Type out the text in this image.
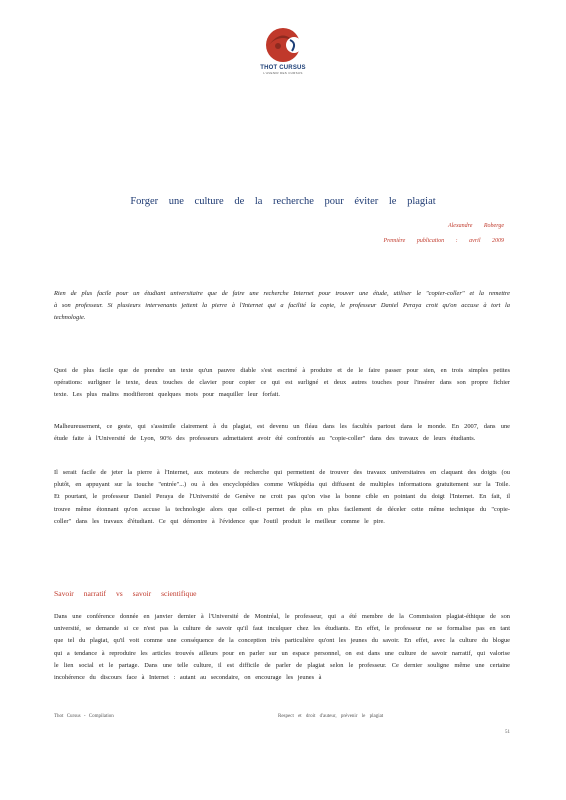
THOT CURSUS
L'AVENIR DES CURSUS
Forger une culture de la recherche pour éviter le plagiat
Alexandre Roberge
Première publication : avril 2009
Rien de plus facile pour un étudiant universitaire que de faire une recherche Internet pour trouver une étude, utiliser le "copier-coller" et la remettre à son professeur. Si plusieurs intervenants jettent la pierre à l'Internet qui a facilité la copie, le professeur Daniel Peraya croit qu'on accuse à tort la technologie.
Quoi de plus facile que de prendre un texte qu'un pauvre diable s'est escrimé à produire et de le faire passer pour sien, en trois simples petites opérations: surligner le texte, deux touches de clavier pour copier ce qui est surligné et deux autres touches pour l'insérer dans son propre fichier texte. Les plus malins modifieront quelques mots pour maquiller leur forfait.
Malheureusement, ce geste, qui s'assimile clairement à du plagiat, est devenu un fléau dans les facultés partout dans le monde. En 2007, dans une étude faite à l'Université de Lyon, 90% des professeurs admettaient avoir été confrontés au "copie-coller" dans des travaux de leurs étudiants.
Il serait facile de jeter la pierre à l'Internet, aux moteurs de recherche qui permettent de trouver des travaux universitaires en claquant des doigts (ou plutôt, en appuyant sur la touche "entrée"...) ou à des encyclopédies comme Wikipédia qui diffusent de multiples informations gratuitement sur la Toile. Et pourtant, le professeur Daniel Peraya de l'Université de Genève ne croit pas qu'on vise la bonne cible en pointant du doigt l'Internet. En fait, il trouve même étonnant qu'on accuse la technologie alors que celle-ci permet de plus en plus facilement de déceler cette même technique du "copie-coller" dans les travaux d'étudiant. Ce qui démontre à l'évidence que l'outil produit le meilleur comme le pire.
Savoir narratif vs savoir scientifique
Dans une conférence donnée en janvier dernier à l'Université de Montréal, le professeur, qui a été membre de la Commission plagiat-éthique de son université, se demande si ce n'est pas la culture de savoir qu'il faut inculquer chez les étudiants. En effet, le professeur ne se formalise pas en tant que tel du plagiat, qu'il voit comme une conséquence de la conception très particulière qu'ont les jeunes du savoir. En effet, avec la culture du blogue qui a tendance à reproduire les articles trouvés ailleurs pour en parler sur un espace personnel, on est dans une culture de savoir narratif, qui valorise le lien social et le partage. Dans une telle culture, il est difficile de parler de plagiat selon le professeur. Ce dernier souligne même une certaine incohérence du discours face à Internet : autant au secondaire, on encourage les jeunes à
Thot Cursus - Compilation	Respect et droit d'auteur, prévenir le plagiat
51
